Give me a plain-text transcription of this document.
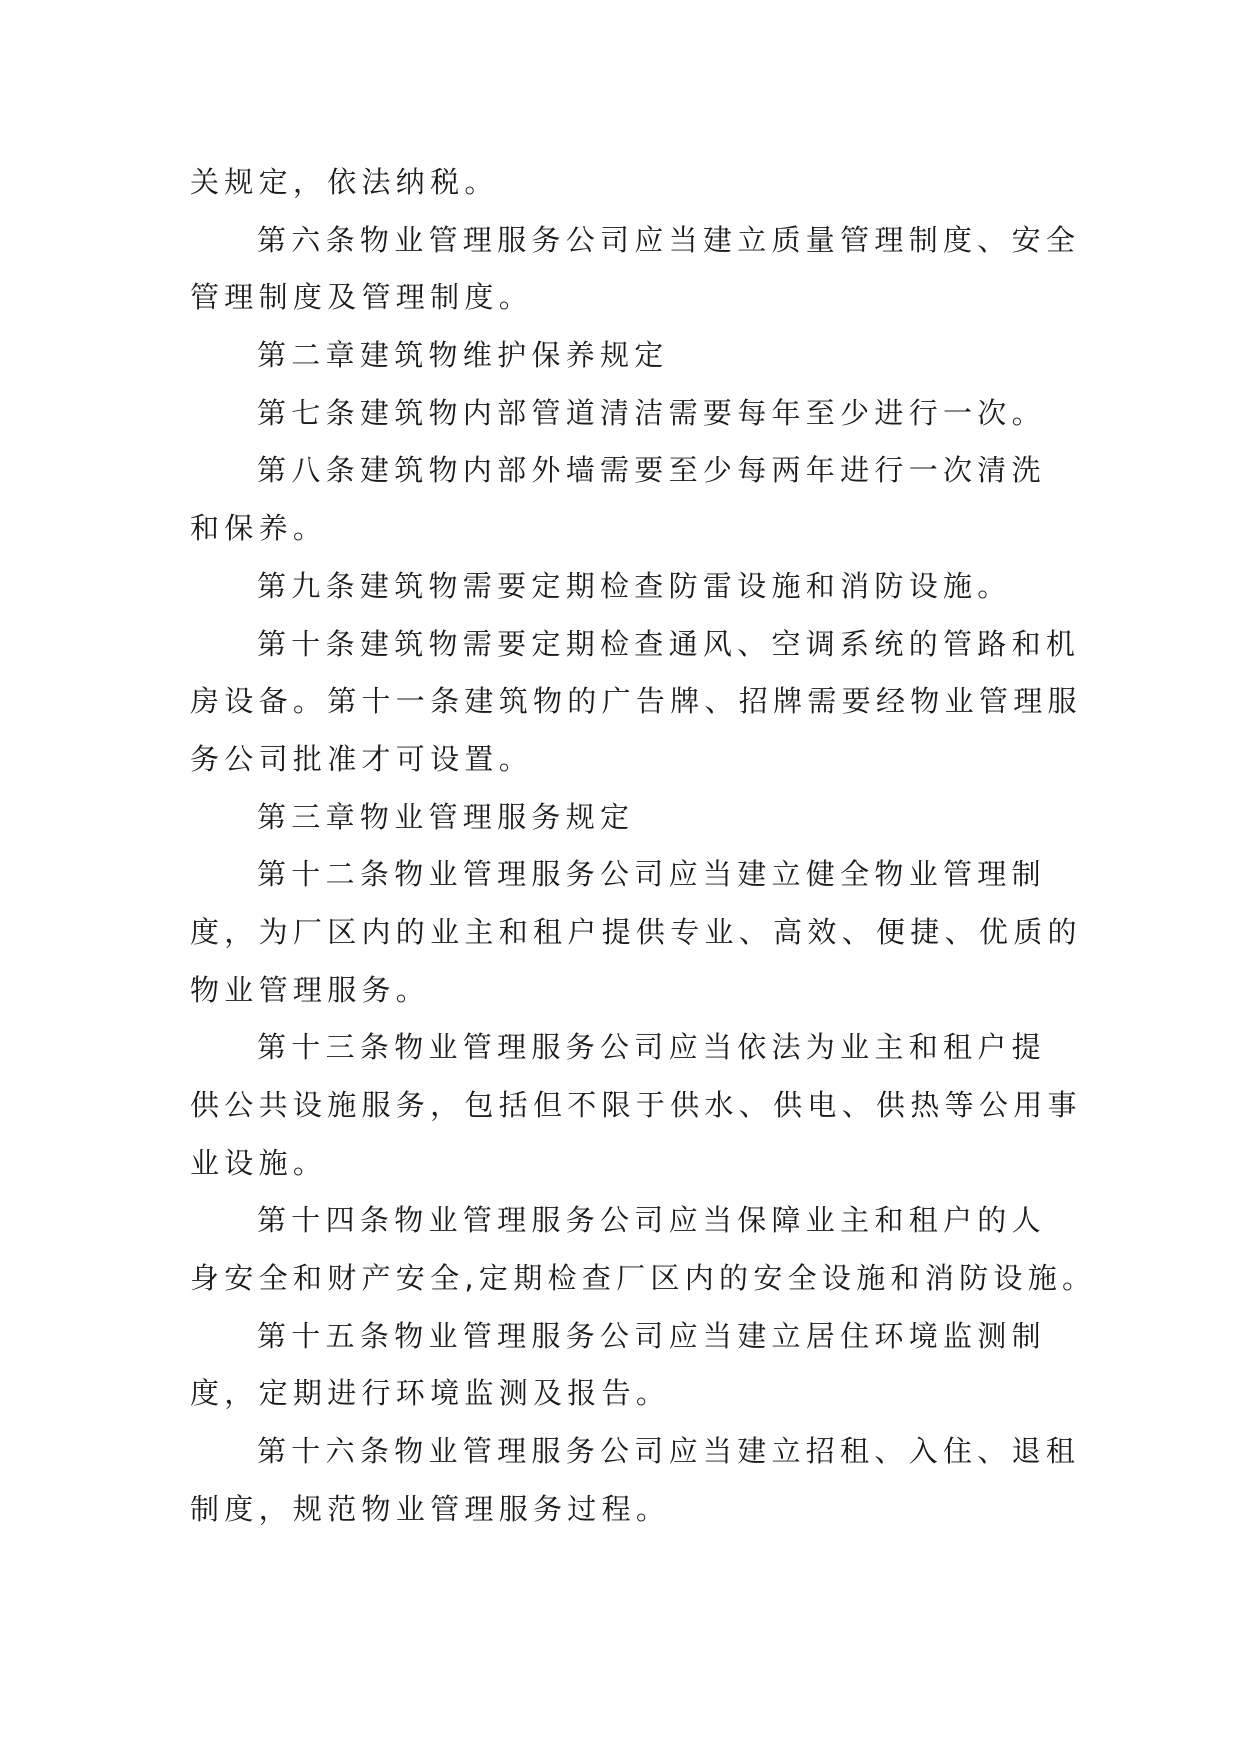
关规定，依法纳税。
第六条物业管理服务公司应当建立质量管理制度、安全
管理制度及管理制度。
第二章建筑物维护保养规定
第七条建筑物内部管道清洁需要每年至少进行一次。
第八条建筑物内部外墙需要至少每两年进行一次清洗
和保养。
第九条建筑物需要定期检查防雷设施和消防设施。
第十条建筑物需要定期检查通风、空调系统的管路和机
房设备。第十一条建筑物的广告牌、招牌需要经物业管理服
务公司批准才可设置。
第三章物业管理服务规定
第十二条物业管理服务公司应当建立健全物业管理制
度，为厂区内的业主和租户提供专业、高效、便捷、优质的
物业管理服务。
第十三条物业管理服务公司应当依法为业主和租户提
供公共设施服务，包括但不限于供水、供电、供热等公用事
业设施。
第十四条物业管理服务公司应当保障业主和租户的人
身安全和财产安全,定期检查厂区内的安全设施和消防设施。
第十五条物业管理服务公司应当建立居住环境监测制
度，定期进行环境监测及报告。
第十六条物业管理服务公司应当建立招租、入住、退租
制度，规范物业管理服务过程。
